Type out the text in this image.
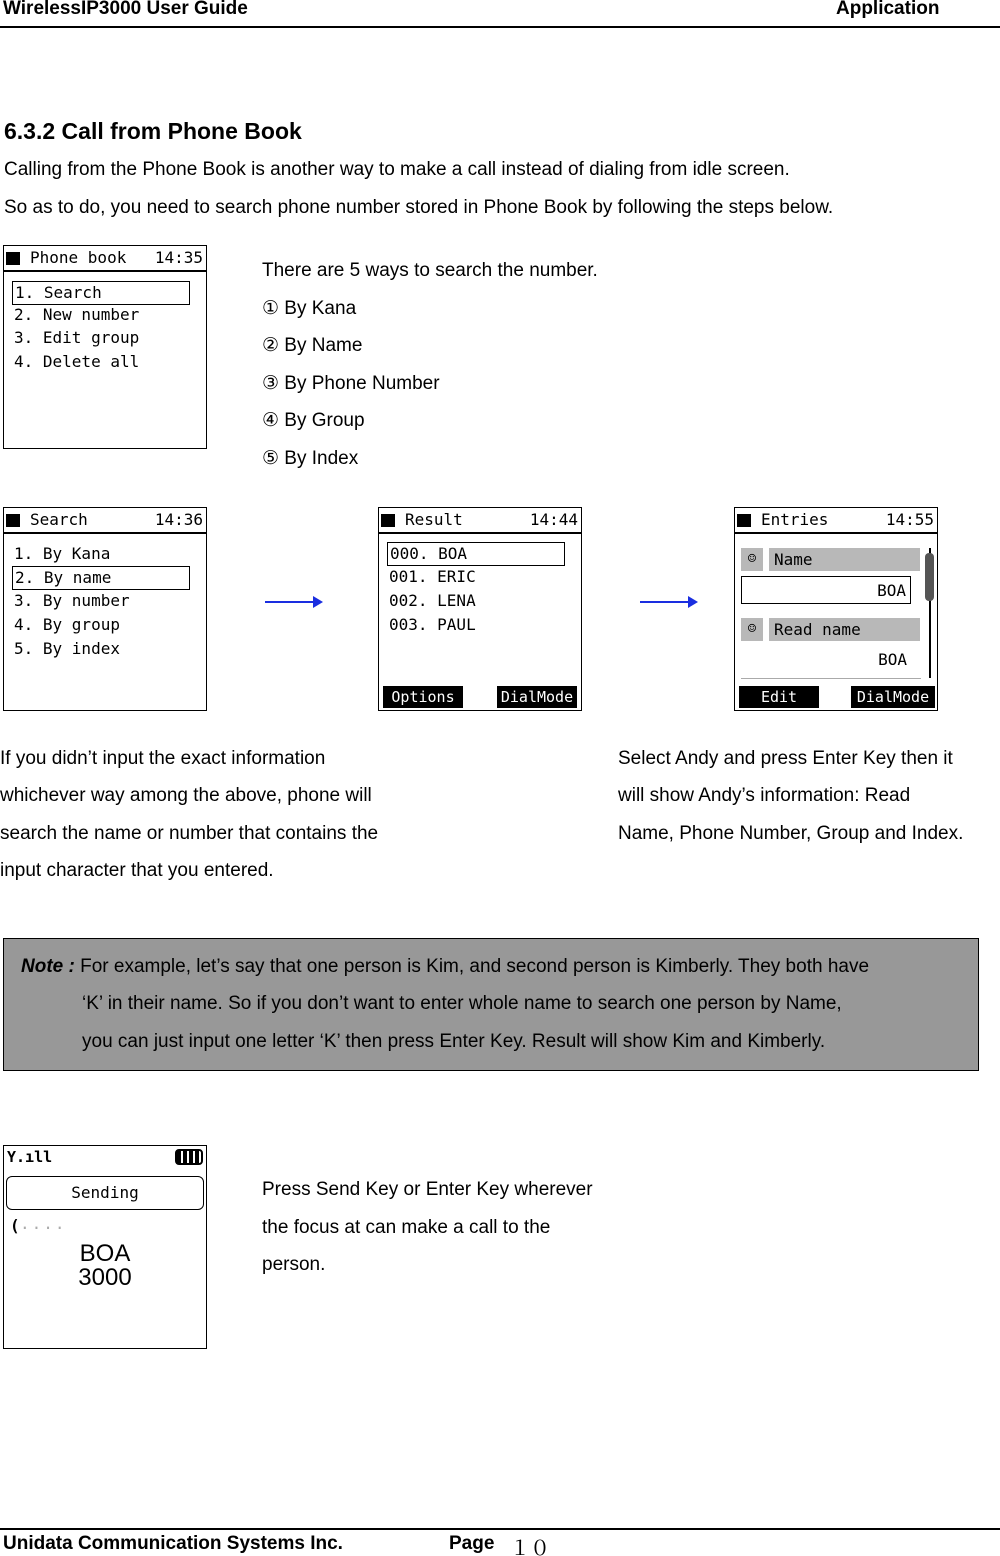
WirelessIP3000 User Guide	Application
6.3.2 Call from Phone Book
Calling from the Phone Book is another way to make a call instead of dialing from idle screen.
So as to do, you need to search phone number stored in Phone Book by following the steps below.
Phone book 14:35
1. Search
2. New number
3. Edit group
4. Delete all
There are 5 ways to search the number.
① By Kana
② By Name
③ By Phone Number
④ By Group
⑤ By Index
Search	14:36
1. By Kana
2. By name
3. By number
4. By group
5. By index
Result	14:44
000. BOA
001. ERIC
002. LENA
003. PAUL
Options	DialMode
Entries	14:55
☺	Name
BOA
☺	Read name
BOA
Edit	DialMode
If you didn’t input the exact information
whichever way among the above, phone will
search the name or number that contains the
input character that you entered.
Select Andy and press Enter Key then it
will show Andy’s information: Read
Name, Phone Number, Group and Index.
Note : For example, let’s say that one person is Kim, and second person is Kimberly. They both have
‘K’ in their name. So if you don’t want to enter whole name to search one person by Name,
you can just input one letter ‘K’ then press Enter Key. Result will show Kim and Kimberly.
Y.ıll
Sending
( ....
BOA
3000
Press Send Key or Enter Key wherever
the focus at can make a call to the
person.
Unidata Communication Systems Inc.	Page １０
